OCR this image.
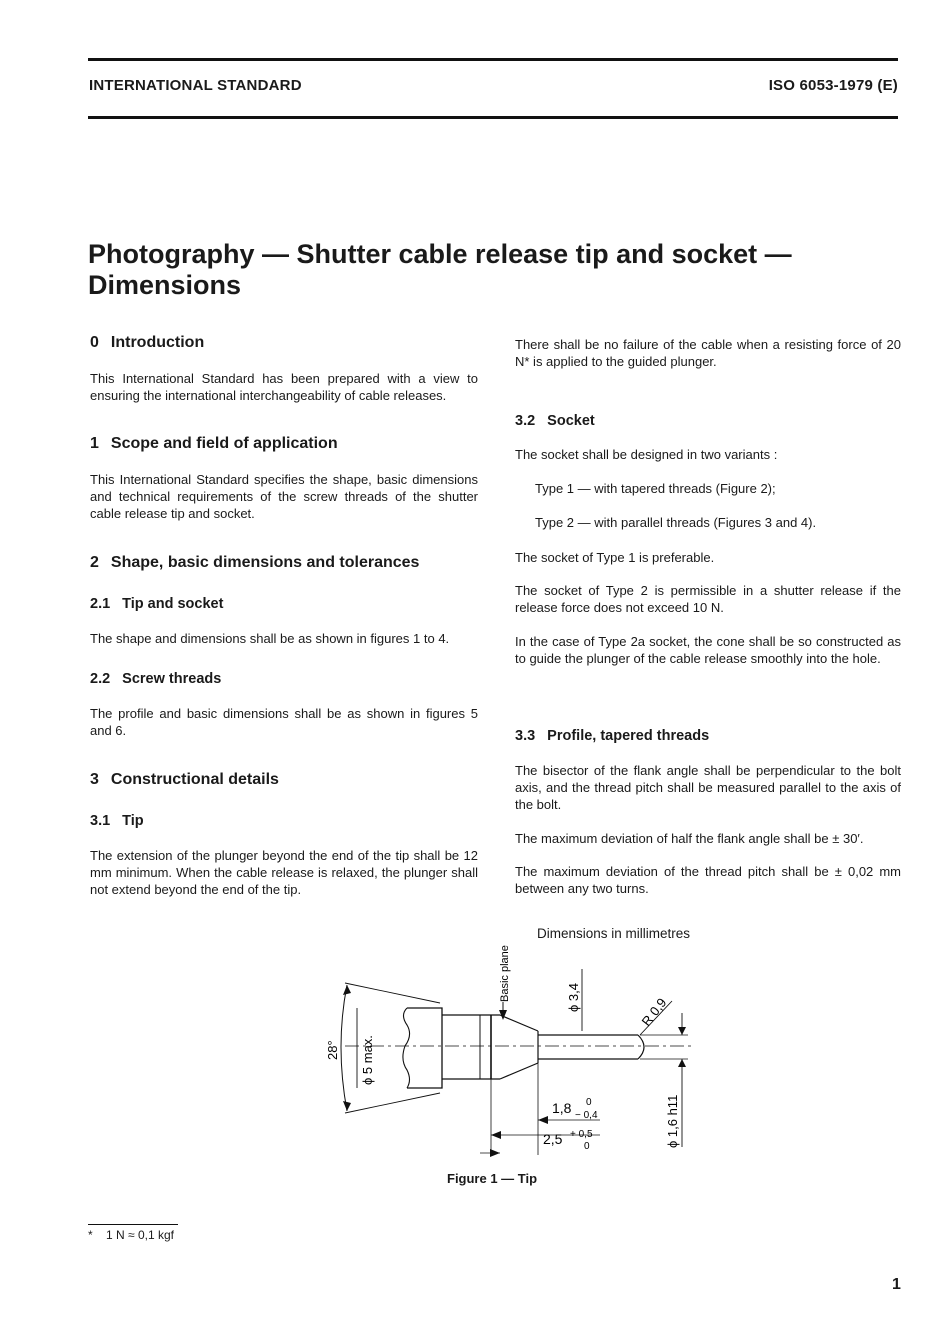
INTERNATIONAL STANDARD	ISO 6053-1979 (E)
Photography — Shutter cable release tip and socket —
Dimensions
0 Introduction
This International Standard has been prepared with a view to ensuring the international interchangeability of cable releases.
1 Scope and field of application
This International Standard specifies the shape, basic dimensions and technical requirements of the screw threads of the shutter cable release tip and socket.
2 Shape, basic dimensions and tolerances
2.1 Tip and socket
The shape and dimensions shall be as shown in figures 1 to 4.
2.2 Screw threads
The profile and basic dimensions shall be as shown in figures 5 and 6.
3 Constructional details
3.1 Tip
The extension of the plunger beyond the end of the tip shall be 12 mm minimum. When the cable release is relaxed, the plunger shall not extend beyond the end of the tip.
There shall be no failure of the cable when a resisting force of 20 N* is applied to the guided plunger.
3.2 Socket
The socket shall be designed in two variants :
Type 1 — with tapered threads (Figure 2);
Type 2 — with parallel threads (Figures 3 and 4).
The socket of Type 1 is preferable.
The socket of Type 2 is permissible in a shutter release if the release force does not exceed 10 N.
In the case of Type 2a socket, the cone shall be so constructed as to guide the plunger of the cable release smoothly into the hole.
3.3 Profile, tapered threads
The bisector of the flank angle shall be perpendicular to the bolt axis, and the thread pitch shall be measured parallel to the axis of the bolt.
The maximum deviation of half the flank angle shall be ± 30′.
The maximum deviation of the thread pitch shall be ± 0,02 mm between any two turns.
Dimensions in millimetres
28°
Basic plane
ϕ 5 max.
ϕ 3,4	R 0,9
ϕ 1,6 h11
1,8 0
− 0,4
2,5 + 0,5
0
Figure 1 — Tip
* 1 N ≈ 0,1 kgf
1
